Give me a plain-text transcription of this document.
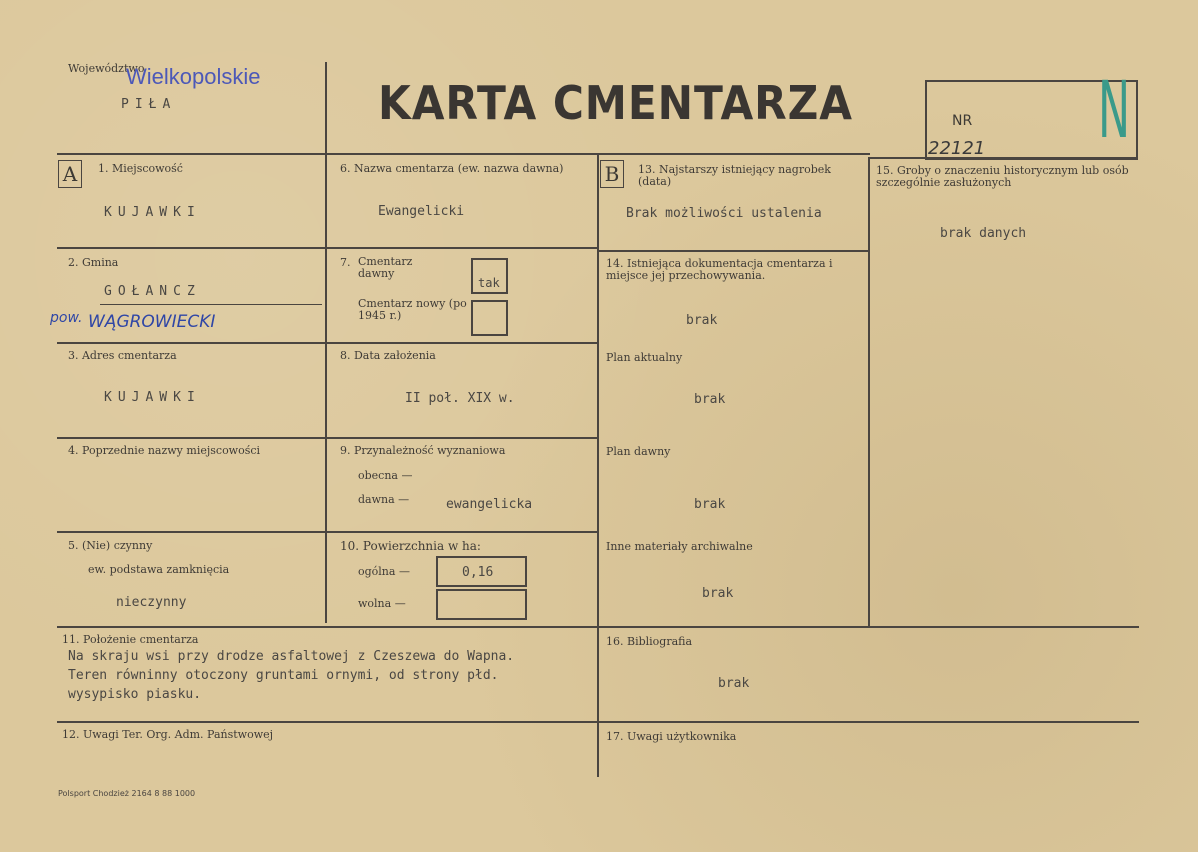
Województwo
Wielkopolskie
PIŁA	KARTA CMENTARZA	NR
22121 N
A	B
1. Miejscowość
KUJAWKI
2. Gmina
GOŁANCZ
pow. WĄGROWIECKI
3. Adres cmentarza
KUJAWKI
4. Poprzednie nazwy miejscowości
5. (Nie) czynny
ew. podstawa zamknięcia
nieczynny
6. Nazwa cmentarza (ew. nazwa dawna)
Ewangelicki
7. Cmentarz dawny
tak
Cmentarz nowy (po 1945 r.)
8. Data założenia
II poł. XIX w.
9. Przynależność wyznaniowa
obecna —
dawna —	ewangelicka
10. Powierzchnia w ha:
ogólna —	0,16
wolna —
11. Położenie cmentarza
Na skraju wsi przy drodze asfaltowej z Czeszewa do Wapna.
Teren równinny otoczony gruntami ornymi, od strony płd.
wysypisko piasku.
12. Uwagi Ter. Org. Adm. Państwowej
13. Najstarszy istniejący nagrobek (data)
Brak możliwości ustalenia
14. Istniejąca dokumentacja cmentarza i miejsce jej przechowywania.
brak
Plan aktualny
brak
Plan dawny
brak
Inne materiały archiwalne
brak
15. Groby o znaczeniu historycznym lub osób szczególnie zasłużonych
brak danych
16. Bibliografia
brak
17. Uwagi użytkownika
Polsport Chodzież 2164 8 88 1000
